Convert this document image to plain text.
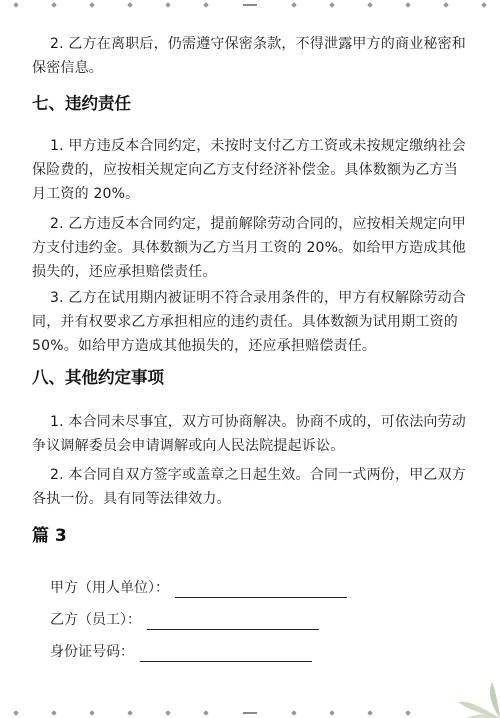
2. 乙方在离职后，仍需遵守保密条款，不得泄露甲方的商业秘密和保密信息。

七、违约责任

1. 甲方违反本合同约定，未按时支付乙方工资或未按规定缴纳社会保险费的，应按相关规定向乙方支付经济补偿金。具体数额为乙方当月工资的 20%。

2. 乙方违反本合同约定，提前解除劳动合同的，应按相关规定向甲方支付违约金。具体数额为乙方当月工资的 20%。如给甲方造成其他损失的，还应承担赔偿责任。

3. 乙方在试用期内被证明不符合录用条件的，甲方有权解除劳动合同，并有权要求乙方承担相应的违约责任。具体数额为试用期工资的 50%。如给甲方造成其他损失的，还应承担赔偿责任。

八、其他约定事项

1. 本合同未尽事宜，双方可协商解决。协商不成的，可依法向劳动争议调解委员会申请调解或向人民法院提起诉讼。

2. 本合同自双方签字或盖章之日起生效。合同一式两份，甲乙双方各执一份。具有同等法律效力。

篇 3
甲方（用人单位）：
乙方（员工）：
身份证号码：
